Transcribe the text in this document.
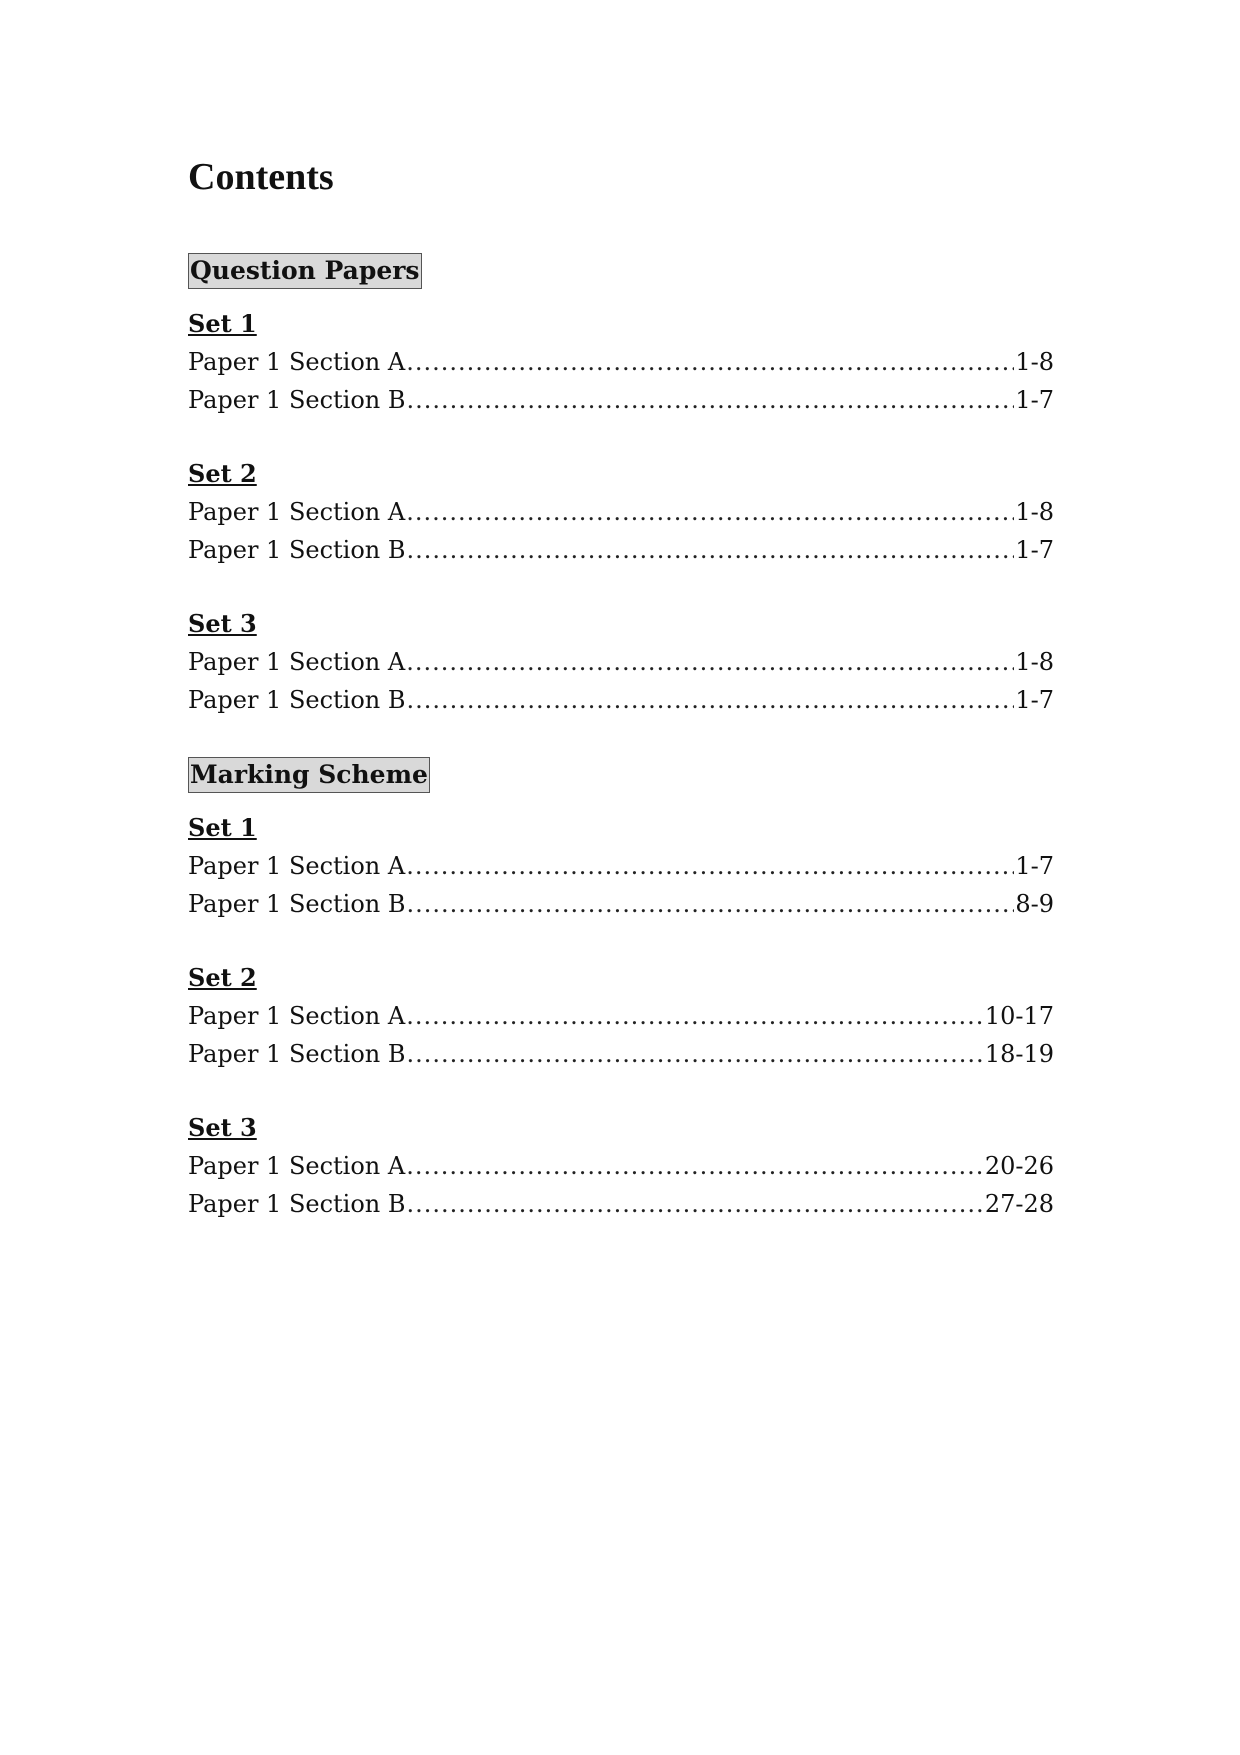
Contents
Question Papers
Set 1
Paper 1 Section A .....	1-8
Paper 1 Section B .....	1-7
Set 2
Paper 1 Section A .....	1-8
Paper 1 Section B .....	1-7
Set 3
Paper 1 Section A .....	1-8
Paper 1 Section B .....	1-7
Marking Scheme
Set 1
Paper 1 Section A .....	1-7
Paper 1 Section B .....	8-9
Set 2
Paper 1 Section A .....	10-17
Paper 1 Section B .....	18-19
Set 3
Paper 1 Section A .....	20-26
Paper 1 Section B .....	27-28
